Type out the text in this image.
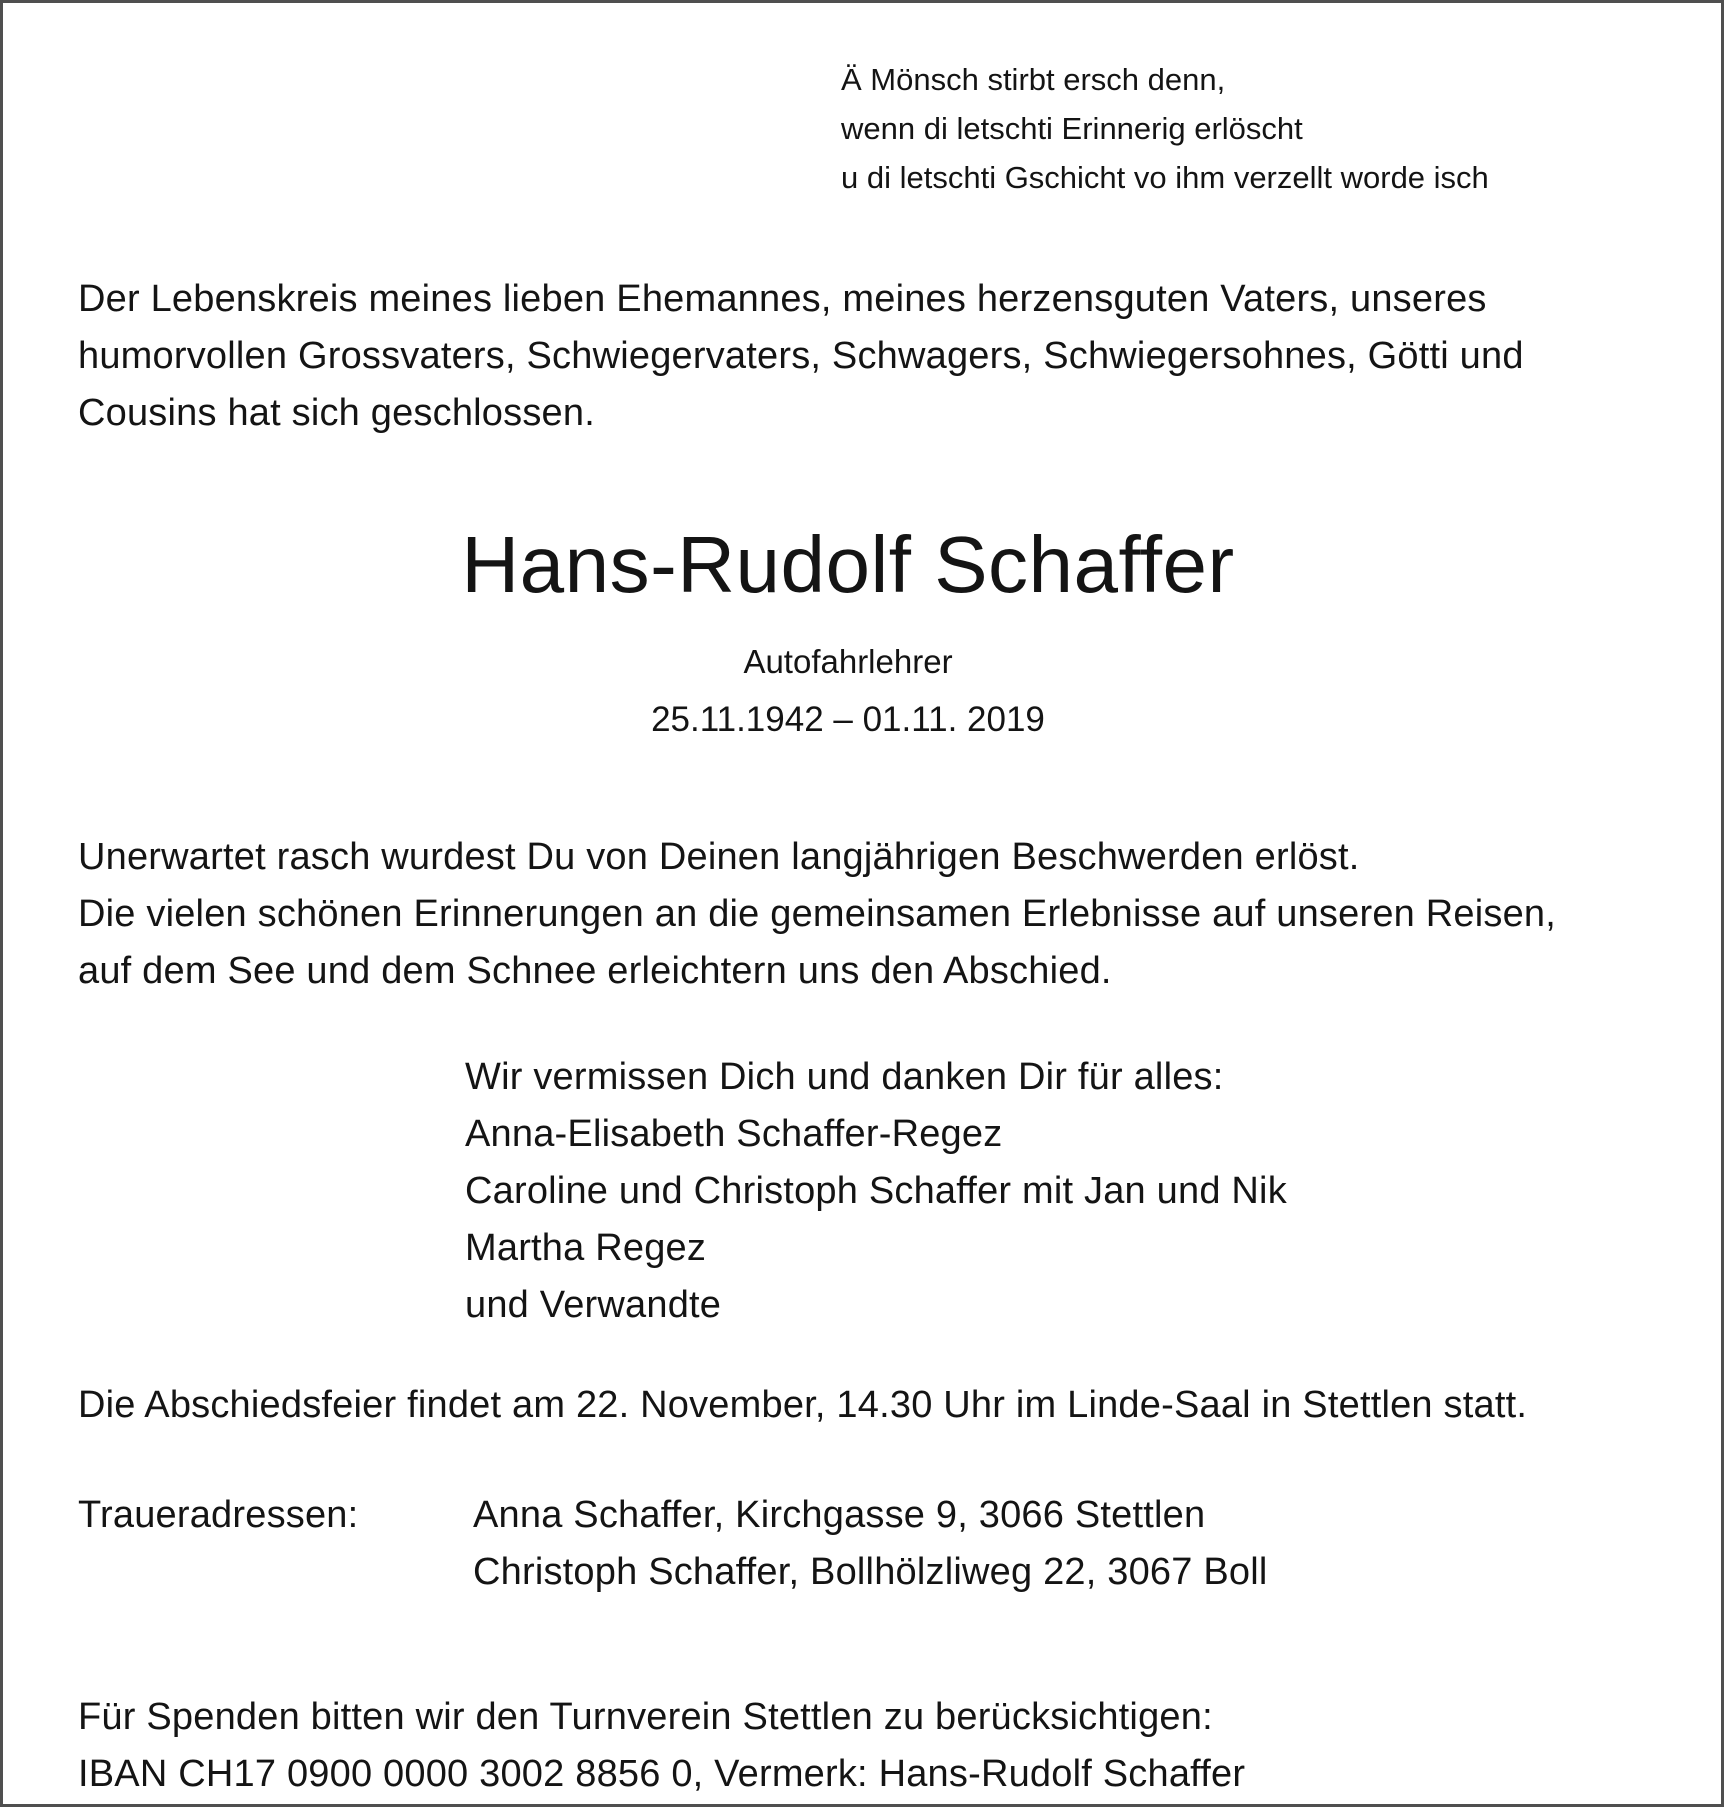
Ä Mönsch stirbt ersch denn,
wenn di letschti Erinnerig erlöscht
u di letschti Gschicht vo ihm verzellt worde isch
Der Lebenskreis meines lieben Ehemannes, meines herzensguten Vaters, unseres
humorvollen Grossvaters, Schwiegervaters, Schwagers, Schwiegersohnes, Götti und
Cousins hat sich geschlossen.
Hans-Rudolf Schaffer
Autofahrlehrer
25.11.1942 – 01.11. 2019
Unerwartet rasch wurdest Du von Deinen langjährigen Beschwerden erlöst.
Die vielen schönen Erinnerungen an die gemeinsamen Erlebnisse auf unseren Reisen,
auf dem See und dem Schnee erleichtern uns den Abschied.
Wir vermissen Dich und danken Dir für alles:
Anna-Elisabeth Schaffer-Regez
Caroline und Christoph Schaffer mit Jan und Nik
Martha Regez
und Verwandte
Die Abschiedsfeier findet am 22. November, 14.30 Uhr im Linde-Saal in Stettlen statt.
Traueradressen:	Anna Schaffer, Kirchgasse 9, 3066 Stettlen
Christoph Schaffer, Bollhölzliweg 22, 3067 Boll
Für Spenden bitten wir den Turnverein Stettlen zu berücksichtigen:
IBAN CH17 0900 0000 3002 8856 0, Vermerk: Hans-Rudolf Schaffer
